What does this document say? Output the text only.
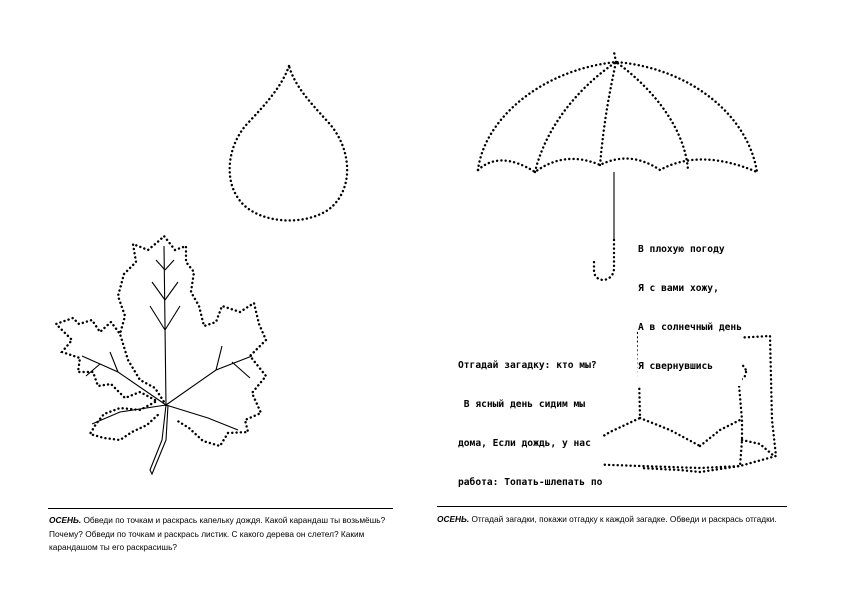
В плохую погоду

Я с вами хожу,

А в солнечный день

Я свернувшись

Отгадай загадку: кто мы?

В ясный день сидим мы

дома, Если дождь, у нас

работа: Топать-шлепать по

ОСЕНЬ. Обведи по точкам и раскрась капельку дождя. Какой карандаш ты возьмёшь? Почему? Обведи по точкам и раскрась листик. С какого дерева он слетел? Каким карандашом ты его раскрасишь?
ОСЕНЬ. Отгадай загадки, покажи отгадку к каждой загадке. Обведи и раскрась отгадки.
